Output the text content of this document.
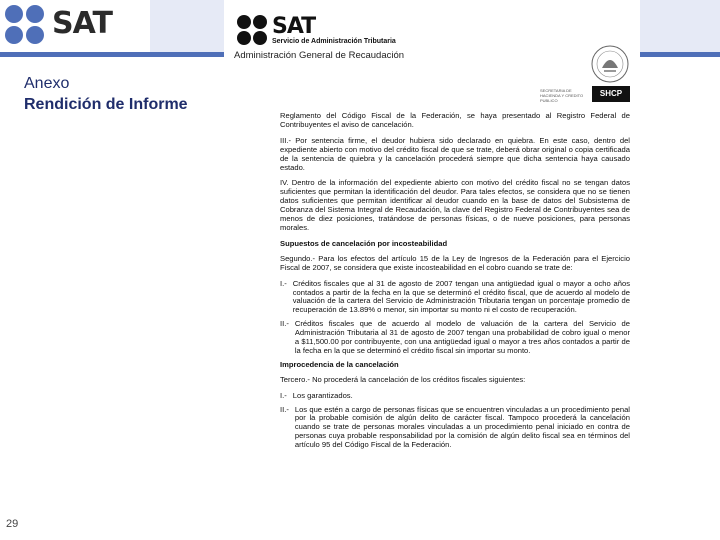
SAT
Anexo
Rendición de Informe
29
SAT
Servicio de Administración Tributaria
Administración General de Recaudación
SECRETARIA DE HACIENDA Y CREDITO PUBLICO
SHCP

Reglamento del Código Fiscal de la Federación, se haya presentado al Registro Federal de Contribuyentes el aviso de cancelación.

III.- Por sentencia firme, el deudor hubiera sido declarado en quiebra. En este caso, dentro del expediente abierto con motivo del crédito fiscal de que se trate, deberá obrar original o copia certificada de la sentencia de quiebra y la cancelación procederá siempre que dicha sentencia haya causado estado.

IV. Dentro de la información del expediente abierto con motivo del crédito fiscal no se tengan datos suficientes que permitan la identificación del deudor. Para tales efectos, se considera que no se tienen datos suficientes que permitan identificar al deudor cuando en la base de datos del Subsistema de Cobranza del Sistema Integral de Recaudación, la clave del Registro Federal de Contribuyentes sea de menos de diez posiciones, tratándose de personas físicas, o de nueve posiciones, para personas morales.

Supuestos de cancelación por incosteabilidad

Segundo.- Para los efectos del artículo 15 de la Ley de Ingresos de la Federación para el Ejercicio Fiscal de 2007, se considera que existe incosteabilidad en el cobro cuando se trate de:

I.- Créditos fiscales que al 31 de agosto de 2007 tengan una antigüedad igual o mayor a ocho años contados a partir de la fecha en la que se determinó el crédito fiscal, que de acuerdo al modelo de valuación de la cartera del Servicio de Administración Tributaria tengan un porcentaje promedio de recuperación de 13.89% o menor, sin importar su monto ni el costo de recuperación.
II.- Créditos fiscales que de acuerdo al modelo de valuación de la cartera del Servicio de Administración Tributaria al 31 de agosto de 2007 tengan una probabilidad de cobro igual o menor a $11,500.00 por contribuyente, con una antigüedad igual o mayor a tres años contados a partir de la fecha en la que se determinó el crédito fiscal sin importar su monto.
Improcedencia de la cancelación

Tercero.- No procederá la cancelación de los créditos fiscales siguientes:

I.- Los garantizados.
II.- Los que estén a cargo de personas físicas que se encuentren vinculadas a un procedimiento penal por la probable comisión de algún delito de carácter fiscal. Tampoco procederá la cancelación cuando se trate de personas morales vinculadas a un procedimiento penal iniciado en contra de personas cuya probable responsabilidad por la comisión de algún delito fiscal sea en términos del artículo 95 del Código Fiscal de la Federación.
